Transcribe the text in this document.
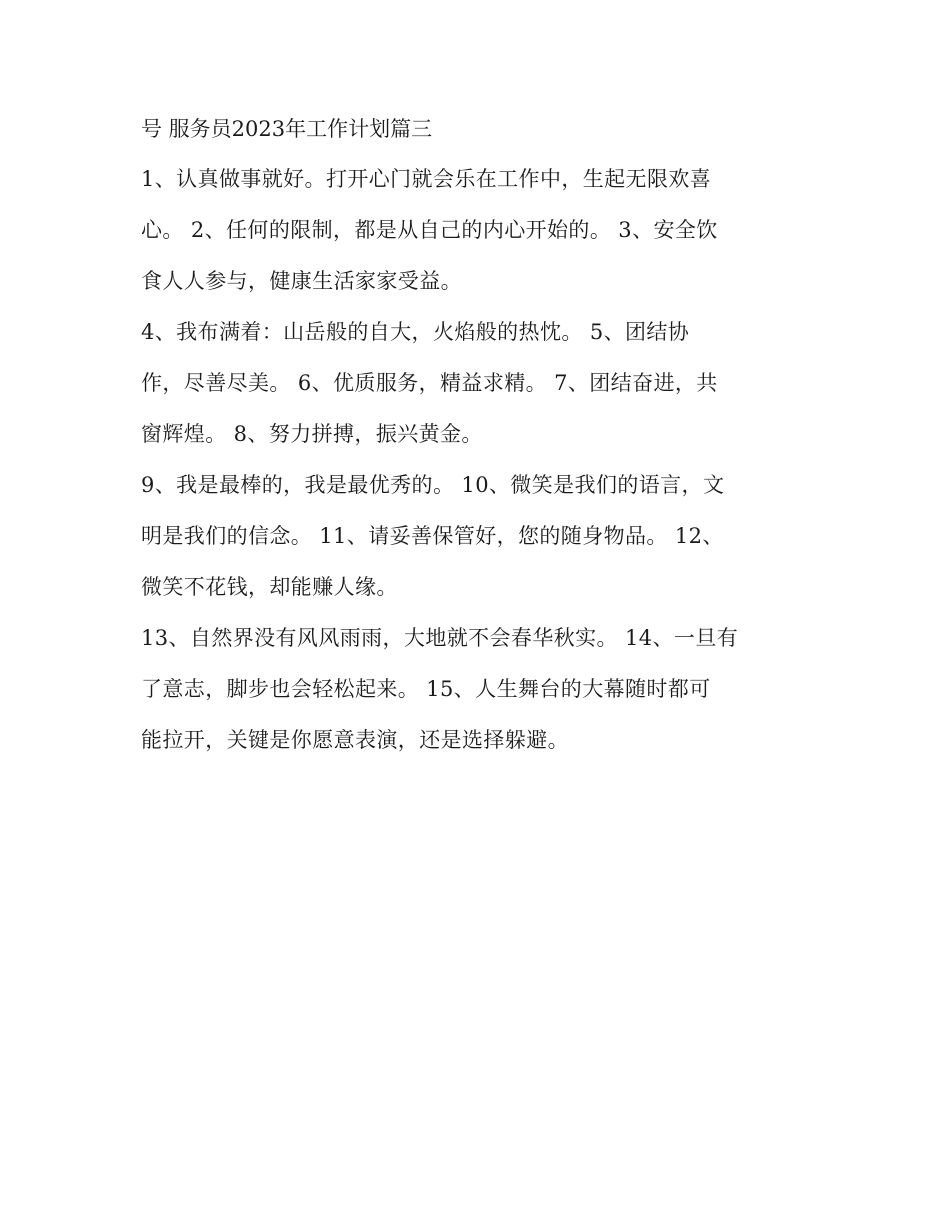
号 服务员2023年工作计划篇三
1、认真做事就好。打开心门就会乐在工作中，生起无限欢喜
心。 2、任何的限制，都是从自己的内心开始的。 3、安全饮
食人人参与，健康生活家家受益。
4、我布满着：山岳般的自大，火焰般的热忱。 5、团结协
作，尽善尽美。 6、优质服务，精益求精。 7、团结奋进，共
窗辉煌。 8、努力拼搏，振兴黄金。
9、我是最棒的，我是最优秀的。 10、微笑是我们的语言，文
明是我们的信念。 11、请妥善保管好，您的随身物品。 12、
微笑不花钱，却能赚人缘。
13、自然界没有风风雨雨，大地就不会春华秋实。 14、一旦有
了意志，脚步也会轻松起来。 15、人生舞台的大幕随时都可
能拉开，关键是你愿意表演，还是选择躲避。
